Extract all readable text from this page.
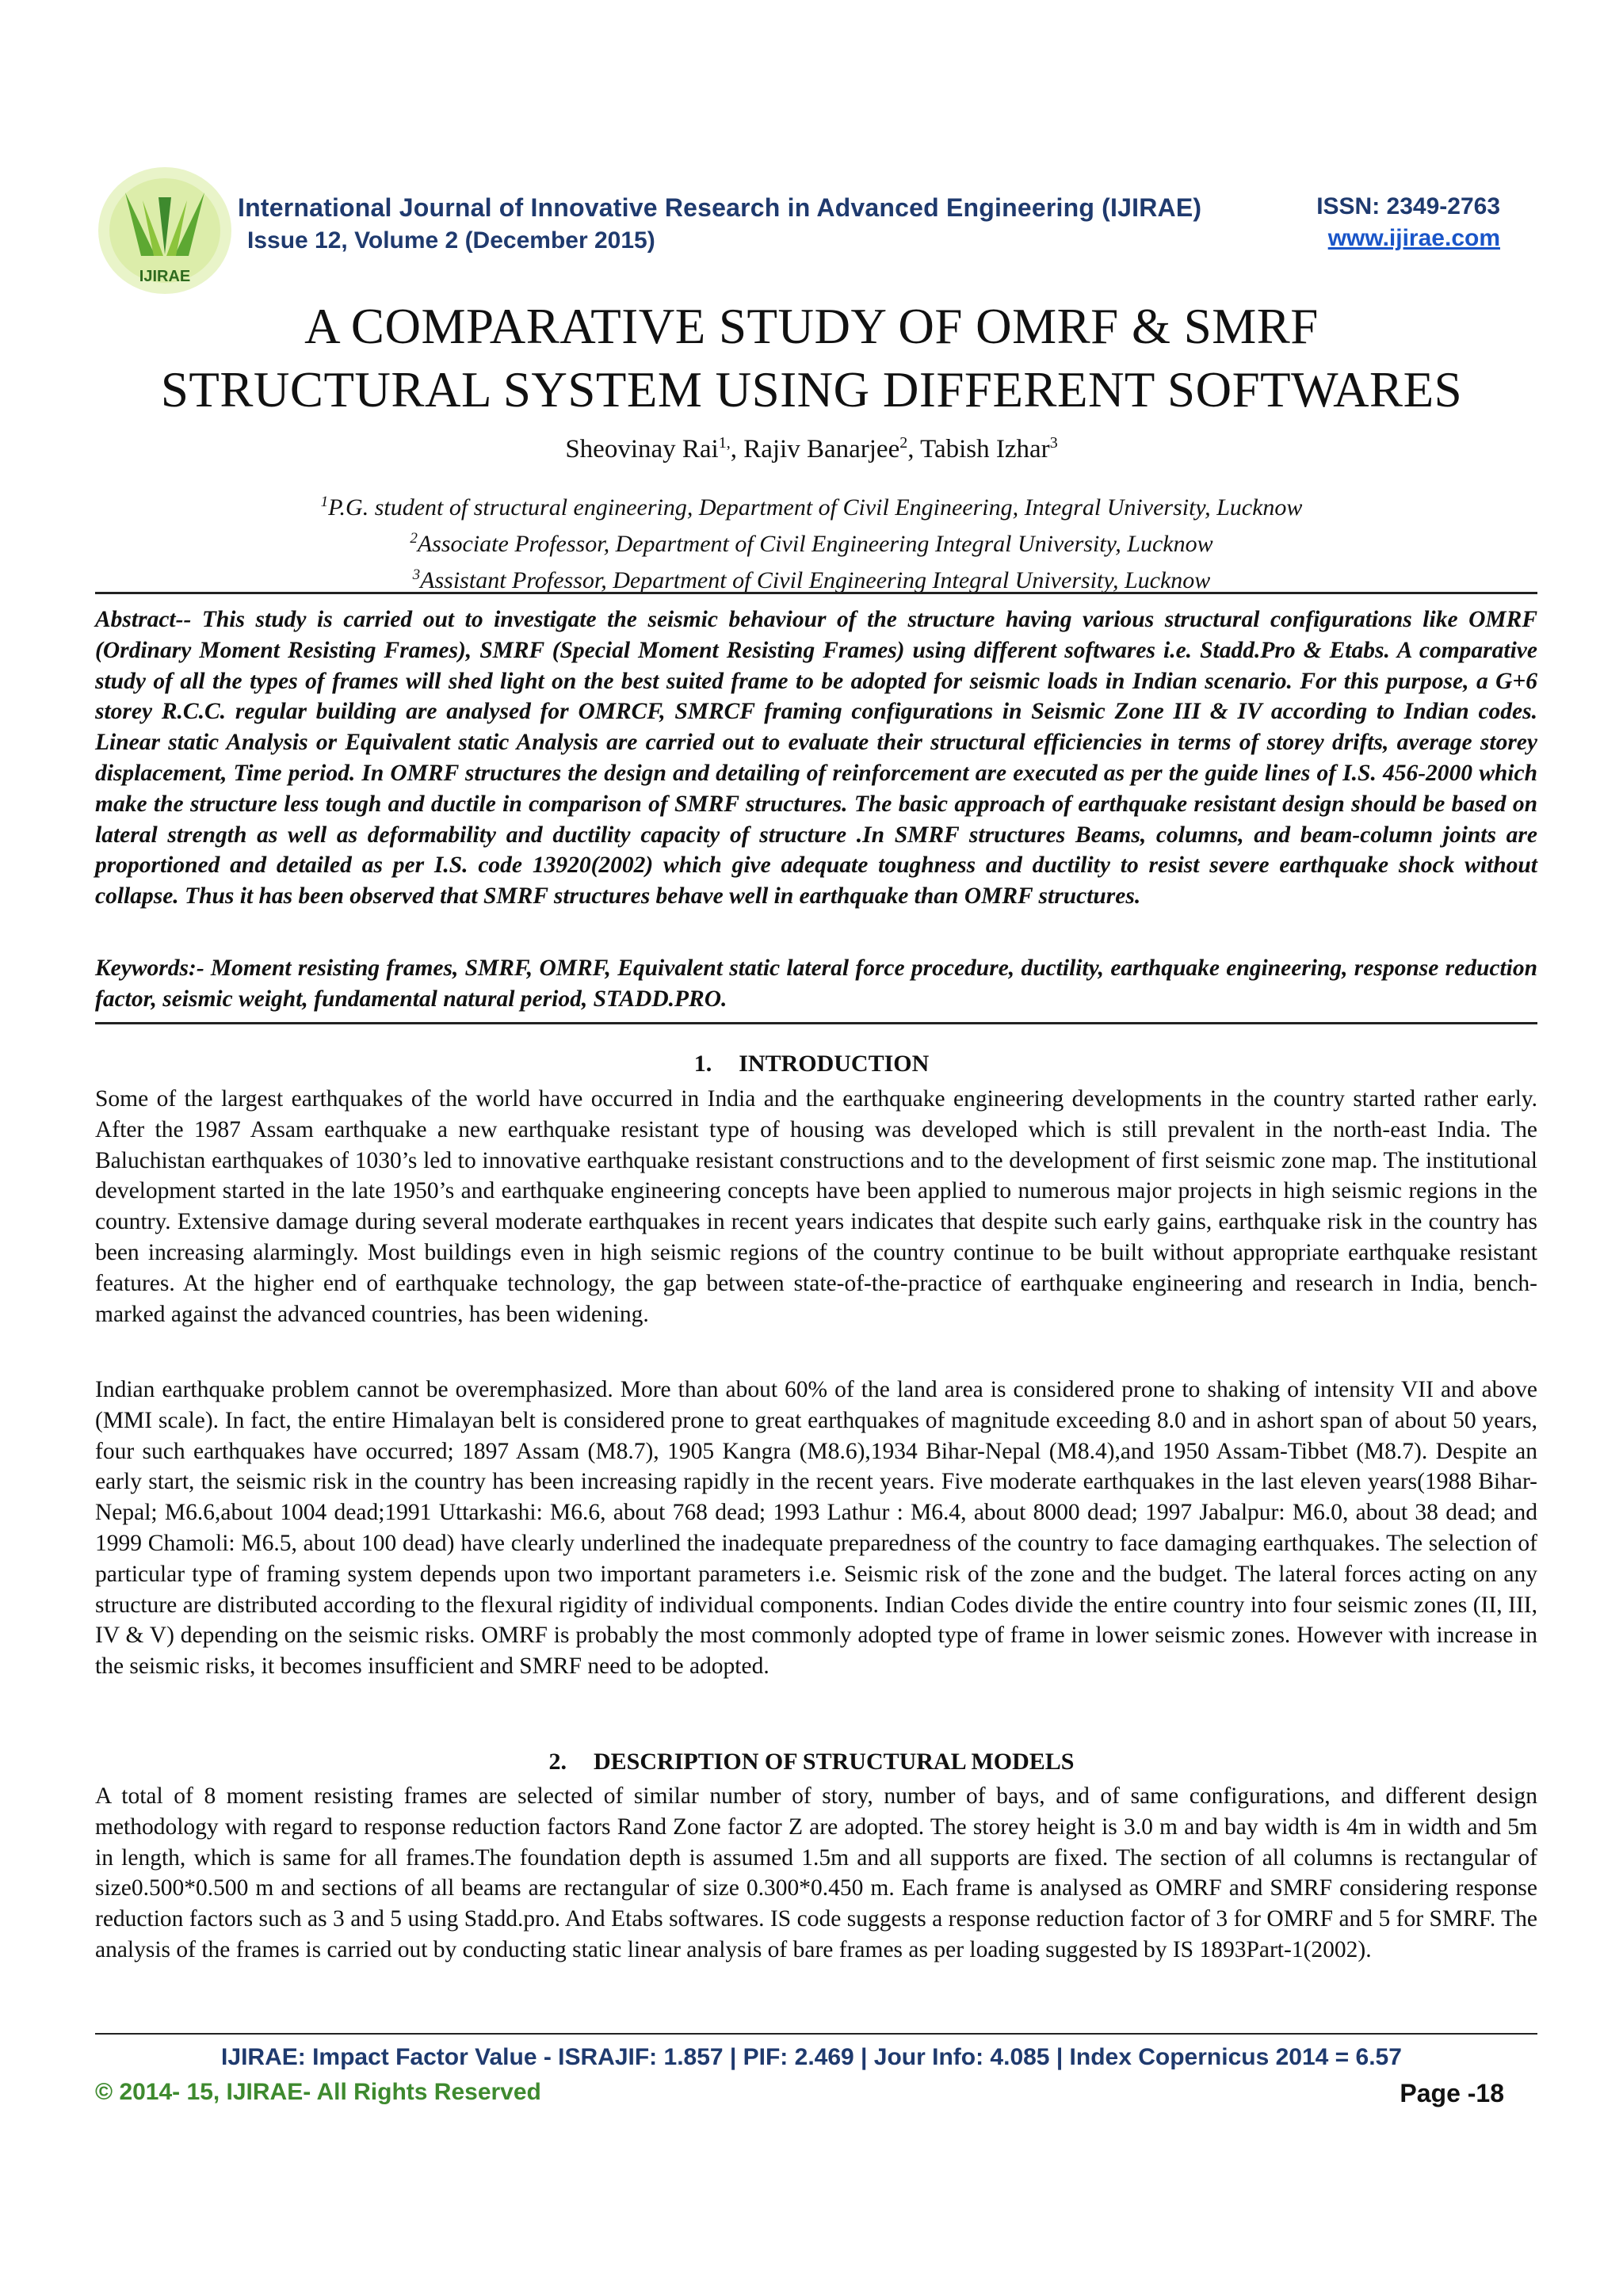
IJIRAE
International Journal of Innovative Research in Advanced Engineering (IJIRAE)
Issue 12, Volume 2 (December 2015)
ISSN: 2349-2763
www.ijirae.com
A COMPARATIVE STUDY OF OMRF & SMRF
STRUCTURAL SYSTEM USING DIFFERENT SOFTWARES
Sheovinay Rai$^{1,}$, Rajiv Banarjee$^2$, Tabish Izhar$^3$
$^1$P.G. student of structural engineering, Department of Civil Engineering, Integral University, Lucknow
$^2$Associate Professor, Department of Civil Engineering Integral University, Lucknow
$^3$Assistant Professor, Department of Civil Engineering Integral University, Lucknow
Abstract-- This study is carried out to investigate the seismic behaviour of the structure having various structural configurations like OMRF (Ordinary Moment Resisting Frames), SMRF (Special Moment Resisting Frames) using different softwares i.e. Stadd.Pro & Etabs. A comparative study of all the types of frames will shed light on the best suited frame to be adopted for seismic loads in Indian scenario. For this purpose, a G+6 storey R.C.C. regular building are analysed for OMRCF, SMRCF framing configurations in Seismic Zone III & IV according to Indian codes. Linear static Analysis or Equivalent static Analysis are carried out to evaluate their structural efficiencies in terms of storey drifts, average storey displacement, Time period. In OMRF structures the design and detailing of reinforcement are executed as per the guide lines of I.S. 456-2000 which make the structure less tough and ductile in comparison of SMRF structures. The basic approach of earthquake resistant design should be based on lateral strength as well as deformability and ductility capacity of structure .In SMRF structures Beams, columns, and beam-column joints are proportioned and detailed as per I.S. code 13920(2002) which give adequate toughness and ductility to resist severe earthquake shock without collapse. Thus it has been observed that SMRF structures behave well in earthquake than OMRF structures.
Keywords:- Moment resisting frames, SMRF, OMRF, Equivalent static lateral force procedure, ductility, earthquake engineering, response reduction factor, seismic weight, fundamental natural period, STADD.PRO.
1. INTRODUCTION
Some of the largest earthquakes of the world have occurred in India and the earthquake engineering developments in the country started rather early. After the 1987 Assam earthquake a new earthquake resistant type of housing was developed which is still prevalent in the north-east India. The Baluchistan earthquakes of 1030’s led to innovative earthquake resistant constructions and to the development of first seismic zone map. The institutional development started in the late 1950’s and earthquake engineering concepts have been applied to numerous major projects in high seismic regions in the country. Extensive damage during several moderate earthquakes in recent years indicates that despite such early gains, earthquake risk in the country has been increasing alarmingly. Most buildings even in high seismic regions of the country continue to be built without appropriate earthquake resistant features. At the higher end of earthquake technology, the gap between state-of-the-practice of earthquake engineering and research in India, bench-marked against the advanced countries, has been widening.
Indian earthquake problem cannot be overemphasized. More than about 60% of the land area is considered prone to shaking of intensity VII and above (MMI scale). In fact, the entire Himalayan belt is considered prone to great earthquakes of magnitude exceeding 8.0 and in ashort span of about 50 years, four such earthquakes have occurred; 1897 Assam (M8.7), 1905 Kangra (M8.6),1934 Bihar-Nepal (M8.4),and 1950 Assam-Tibbet (M8.7). Despite an early start, the seismic risk in the country has been increasing rapidly in the recent years. Five moderate earthquakes in the last eleven years(1988 Bihar-Nepal; M6.6,about 1004 dead;1991 Uttarkashi: M6.6, about 768 dead; 1993 Lathur : M6.4, about 8000 dead; 1997 Jabalpur: M6.0, about 38 dead; and 1999 Chamoli: M6.5, about 100 dead) have clearly underlined the inadequate preparedness of the country to face damaging earthquakes. The selection of particular type of framing system depends upon two important parameters i.e. Seismic risk of the zone and the budget. The lateral forces acting on any structure are distributed according to the flexural rigidity of individual components. Indian Codes divide the entire country into four seismic zones (II, III, IV & V) depending on the seismic risks. OMRF is probably the most commonly adopted type of frame in lower seismic zones. However with increase in the seismic risks, it becomes insufficient and SMRF need to be adopted.
2. DESCRIPTION OF STRUCTURAL MODELS
A total of 8 moment resisting frames are selected of similar number of story, number of bays, and of same configurations, and different design methodology with regard to response reduction factors Rand Zone factor Z are adopted. The storey height is 3.0 m and bay width is 4m in width and 5m in length, which is same for all frames.The foundation depth is assumed 1.5m and all supports are fixed. The section of all columns is rectangular of size0.500*0.500 m and sections of all beams are rectangular of size 0.300*0.450 m. Each frame is analysed as OMRF and SMRF considering response reduction factors such as 3 and 5 using Stadd.pro. And Etabs softwares. IS code suggests a response reduction factor of 3 for OMRF and 5 for SMRF. The analysis of the frames is carried out by conducting static linear analysis of bare frames as per loading suggested by IS 1893Part-1(2002).
IJIRAE: Impact Factor Value - ISRAJIF: 1.857 | PIF: 2.469 | Jour Info: 4.085 | Index Copernicus 2014 = 6.57
© 2014- 15, IJIRAE- All Rights Reserved	Page -18
